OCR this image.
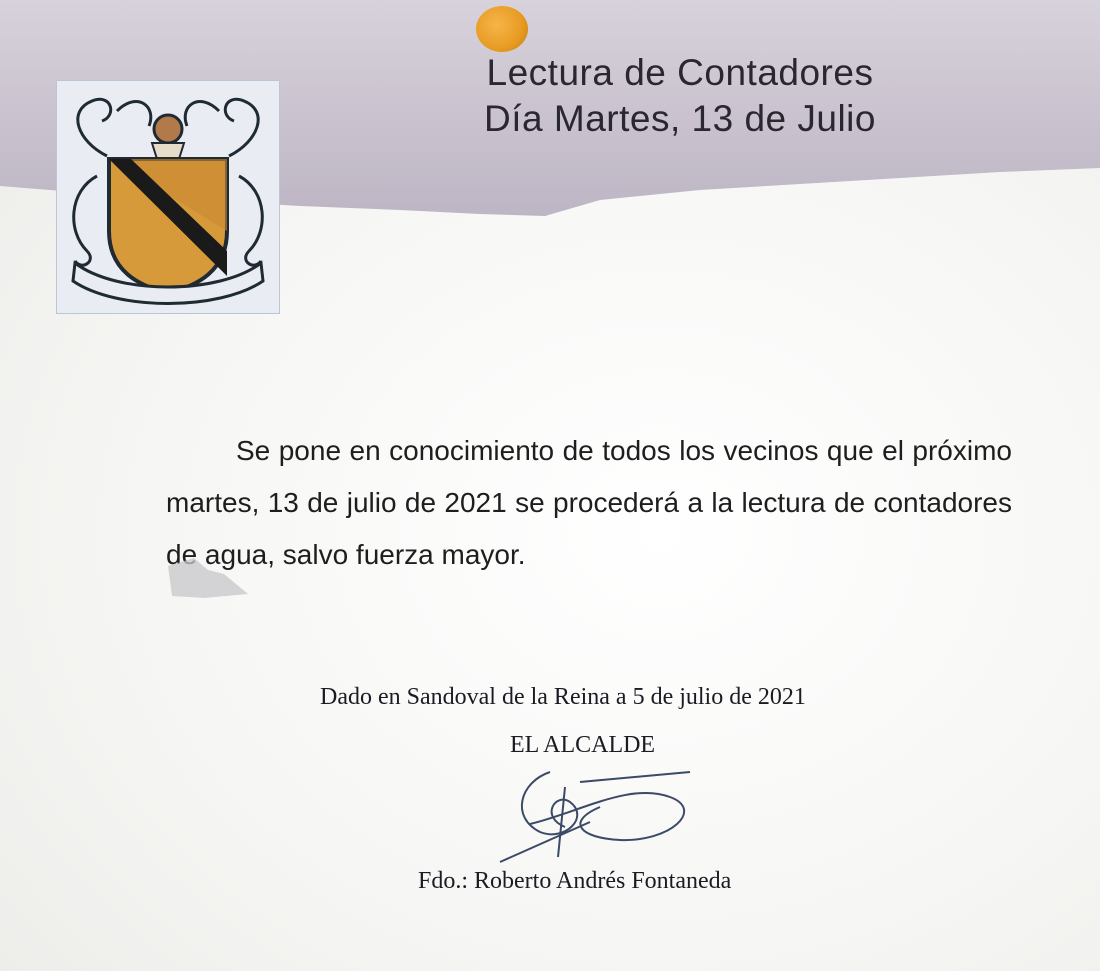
Lectura de Contadores
Día Martes, 13 de Julio

Se pone en conocimiento de todos los vecinos que el próximo martes, 13 de julio de 2021 se procederá a la lectura de contadores de agua, salvo fuerza mayor.

Dado en Sandoval de la Reina a 5 de julio de 2021

EL ALCALDE

Fdo.: Roberto Andrés Fontaneda
